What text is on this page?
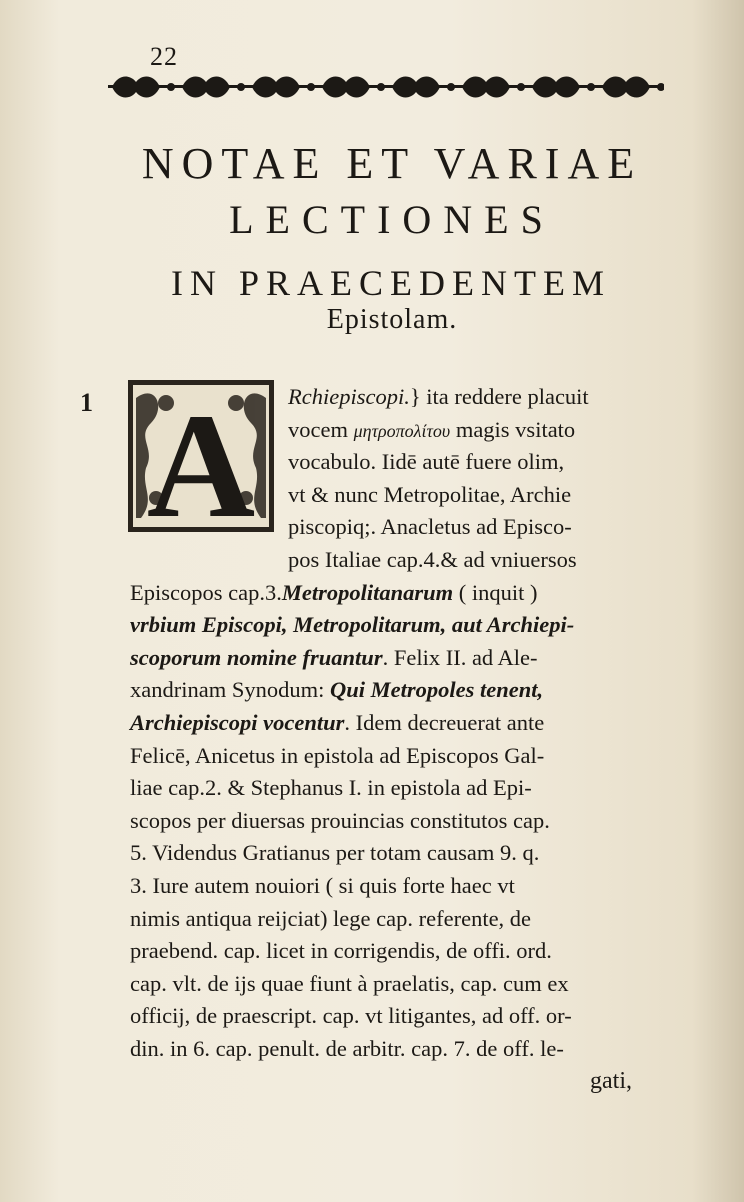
22
NOTAE ET VARIAE
LECTIONES
IN PRAECEDENTEM
Epistolam.
1 A Rchiepiscopi.} ita reddere placuit
vocem μητροπολίτου magis vsitato
vocabulo. Iidē autē fuere olim,
vt & nunc Metropolitae, Archie
piscopiq;. Anacletus ad Episco-
pos Italiae cap.4.& ad vniuersos
Episcopos cap.3.Metropolitanarum ( inquit )
vrbium Episcopi, Metropolitarum, aut Archiepi-
scoporum nomine fruantur. Felix II. ad Ale-
xandrinam Synodum: Qui Metropoles tenent,
Archiepiscopi vocentur. Idem decreuerat ante
Felicē, Anicetus in epistola ad Episcopos Gal-
liae cap.2. & Stephanus I. in epistola ad Epi-
scopos per diuersas prouincias constitutos cap.
5. Videndus Gratianus per totam causam 9. q.
3. Iure autem nouiori ( si quis forte haec vt
nimis antiqua reijciat) lege cap. referente, de
praebend. cap. licet in corrigendis, de offi. ord.
cap. vlt. de ijs quae fiunt à praelatis, cap. cum ex
officij, de praescript. cap. vt litigantes, ad off. or-
din. in 6. cap. penult. de arbitr. cap. 7. de off. le-
gati,
